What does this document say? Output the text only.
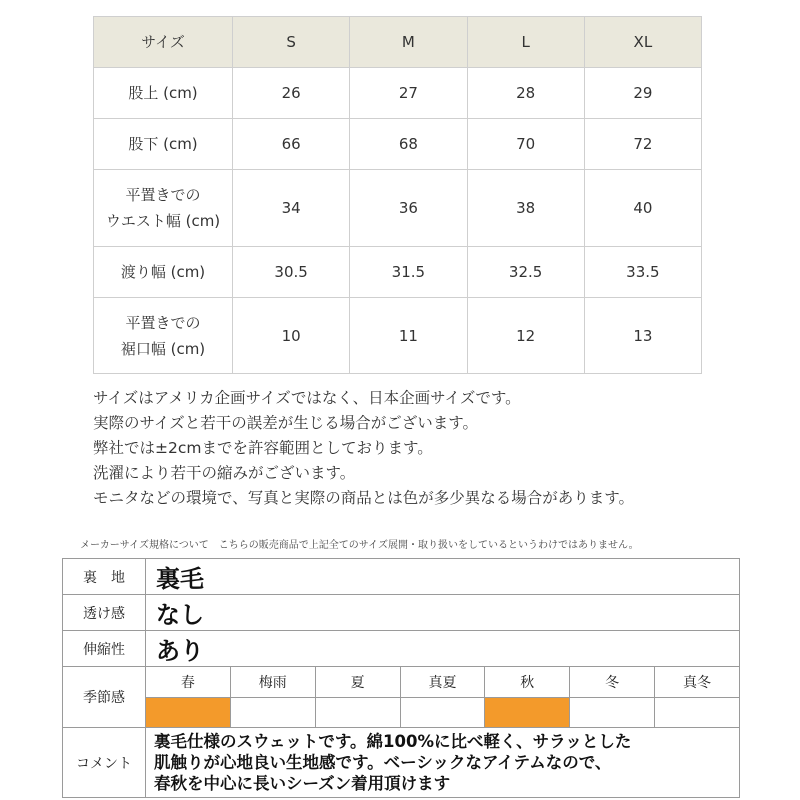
サイズ	S	M	L	XL
股上 (cm)	26	27	28	29
股下 (cm)	66	68	70	72

平置きでの
ウエスト幅 (cm)	34	36	38	40
渡り幅 (cm)	30.5	31.5	32.5	33.5

平置きでの
裾口幅 (cm)	10	11	12	13
サイズはアメリカ企画サイズではなく、日本企画サイズです。
実際のサイズと若干の誤差が生じる場合がございます。
弊社では±2cmまでを許容範囲としております。
洗濯により若干の縮みがございます。
モニタなどの環境で、写真と実際の商品とは色が多少異なる場合があります。
メーカーサイズ規格について　こちらの販売商品で上記全てのサイズ展開・取り扱いをしているというわけではありません。
裏　地	裏毛						
透け感	なし						
伸縮性	あり						
季節感	春	梅雨	夏	真夏	秋	冬	真冬

コメント	裏毛仕様のスウェットです。綿100%に比べ軽く、サラッとした
肌触りが心地良い生地感です。ベーシックなアイテムなので、
春秋を中心に長いシーズン着用頂けます						
